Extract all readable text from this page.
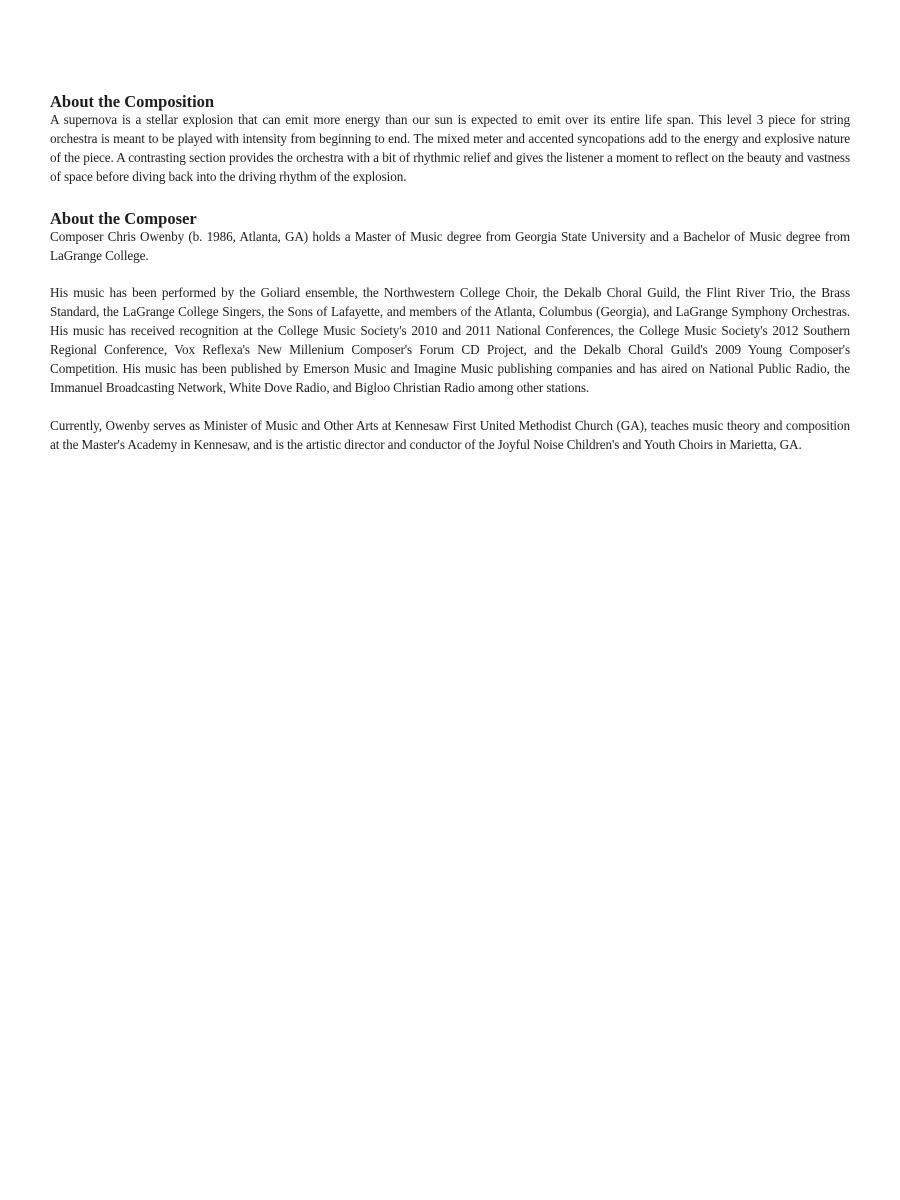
About the Composition

A supernova is a stellar explosion that can emit more energy than our sun is expected to emit over its entire life span. This level 3 piece for string orchestra is meant to be played with intensity from beginning to end. The mixed meter and accented syncopations add to the energy and explosive nature of the piece. A contrasting section provides the orchestra with a bit of rhythmic relief and gives the listener a moment to reflect on the beauty and vastness of space before diving back into the driving rhythm of the explosion.

About the Composer

Composer Chris Owenby (b. 1986, Atlanta, GA) holds a Master of Music degree from Georgia State University and a Bachelor of Music degree from LaGrange College.

His music has been performed by the Goliard ensemble, the Northwestern College Choir, the Dekalb Choral Guild, the Flint River Trio, the Brass Standard, the LaGrange College Singers, the Sons of Lafayette, and members of the Atlanta, Columbus (Georgia), and LaGrange Symphony Orchestras. His music has received recognition at the College Music Society's 2010 and 2011 National Conferences, the College Music Society's 2012 Southern Regional Conference, Vox Reflexa's New Millenium Composer's Forum CD Project, and the Dekalb Choral Guild's 2009 Young Composer's Competition. His music has been published by Emerson Music and Imagine Music publishing companies and has aired on National Public Radio, the Immanuel Broadcasting Network, White Dove Radio, and Bigloo Christian Radio among other stations.

Currently, Owenby serves as Minister of Music and Other Arts at Kennesaw First United Methodist Church (GA), teaches music theory and composition at the Master's Academy in Kennesaw, and is the artistic director and conductor of the Joyful Noise Children's and Youth Choirs in Marietta, GA.
